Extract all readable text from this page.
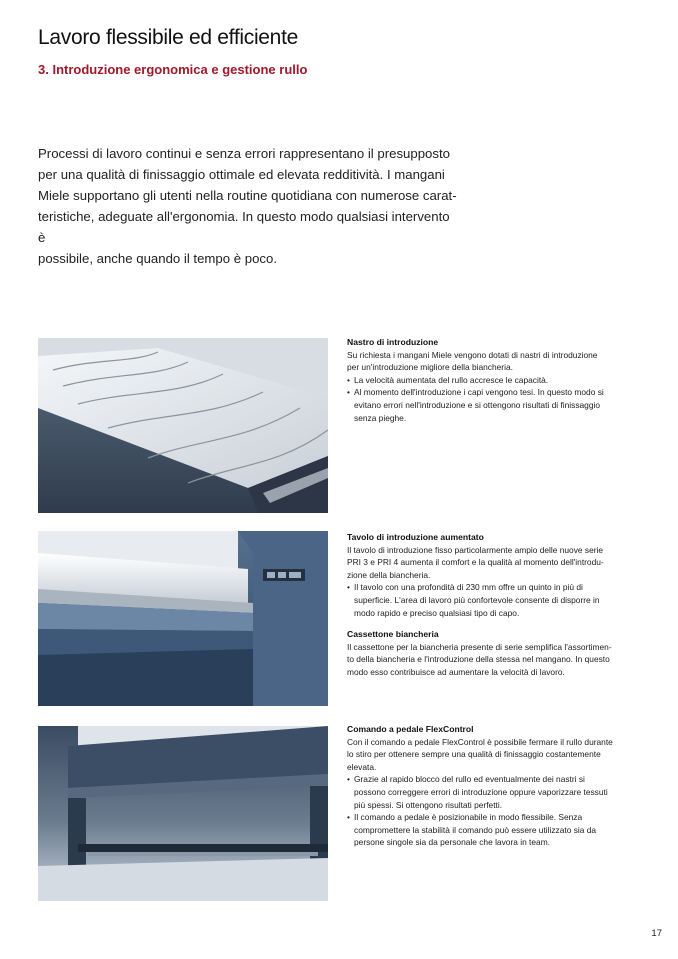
Lavoro flessibile ed efficiente
3. Introduzione ergonomica e gestione rullo
Processi di lavoro continui e senza errori rappresentano il presupposto
per una qualità di finissaggio ottimale ed elevata redditività. I mangani
Miele supportano gli utenti nella routine quotidiana con numerose carat-
teristiche, adeguate all'ergonomia. In questo modo qualsiasi intervento è
possibile, anche quando il tempo è poco.
Nastro di introduzione

Su richiesta i mangani Miele vengono dotati di nastri di introduzione

per un'introduzione migliore della biancheria.

• La velocità aumentata del rullo accresce le capacità.
• Al momento dell'introduzione i capi vengono tesi. In questo modo si
evitano errori nell'introduzione e si ottengono risultati di finissaggio
senza pieghe.
Tavolo di introduzione aumentato

Il tavolo di introduzione fisso particolarmente ampio delle nuove serie

PRI 3 e PRI 4 aumenta il comfort e la qualità al momento dell'introdu-

zione della biancheria.

• Il tavolo con una profondità di 230 mm offre un quinto in più di
superficie. L'area di lavoro più confortevole consente di disporre in
modo rapido e preciso qualsiasi tipo di capo.
Cassettone biancheria

Il cassettone per la biancheria presente di serie semplifica l'assortimen-

to della biancheria e l'introduzione della stessa nel mangano. In questo

modo esso contribuisce ad aumentare la velocità di lavoro.

Comando a pedale FlexControl

Con il comando a pedale FlexControl è possibile fermare il rullo durante

lo stiro per ottenere sempre una qualità di finissaggio costantemente

elevata.

• Grazie al rapido blocco del rullo ed eventualmente dei nastri si
possono correggere errori di introduzione oppure vaporizzare tessuti
più spessi. Si ottengono risultati perfetti.
• Il comando a pedale è posizionabile in modo flessibile. Senza
compromettere la stabilità il comando può essere utilizzato sia da
persone singole sia da personale che lavora in team.
17
